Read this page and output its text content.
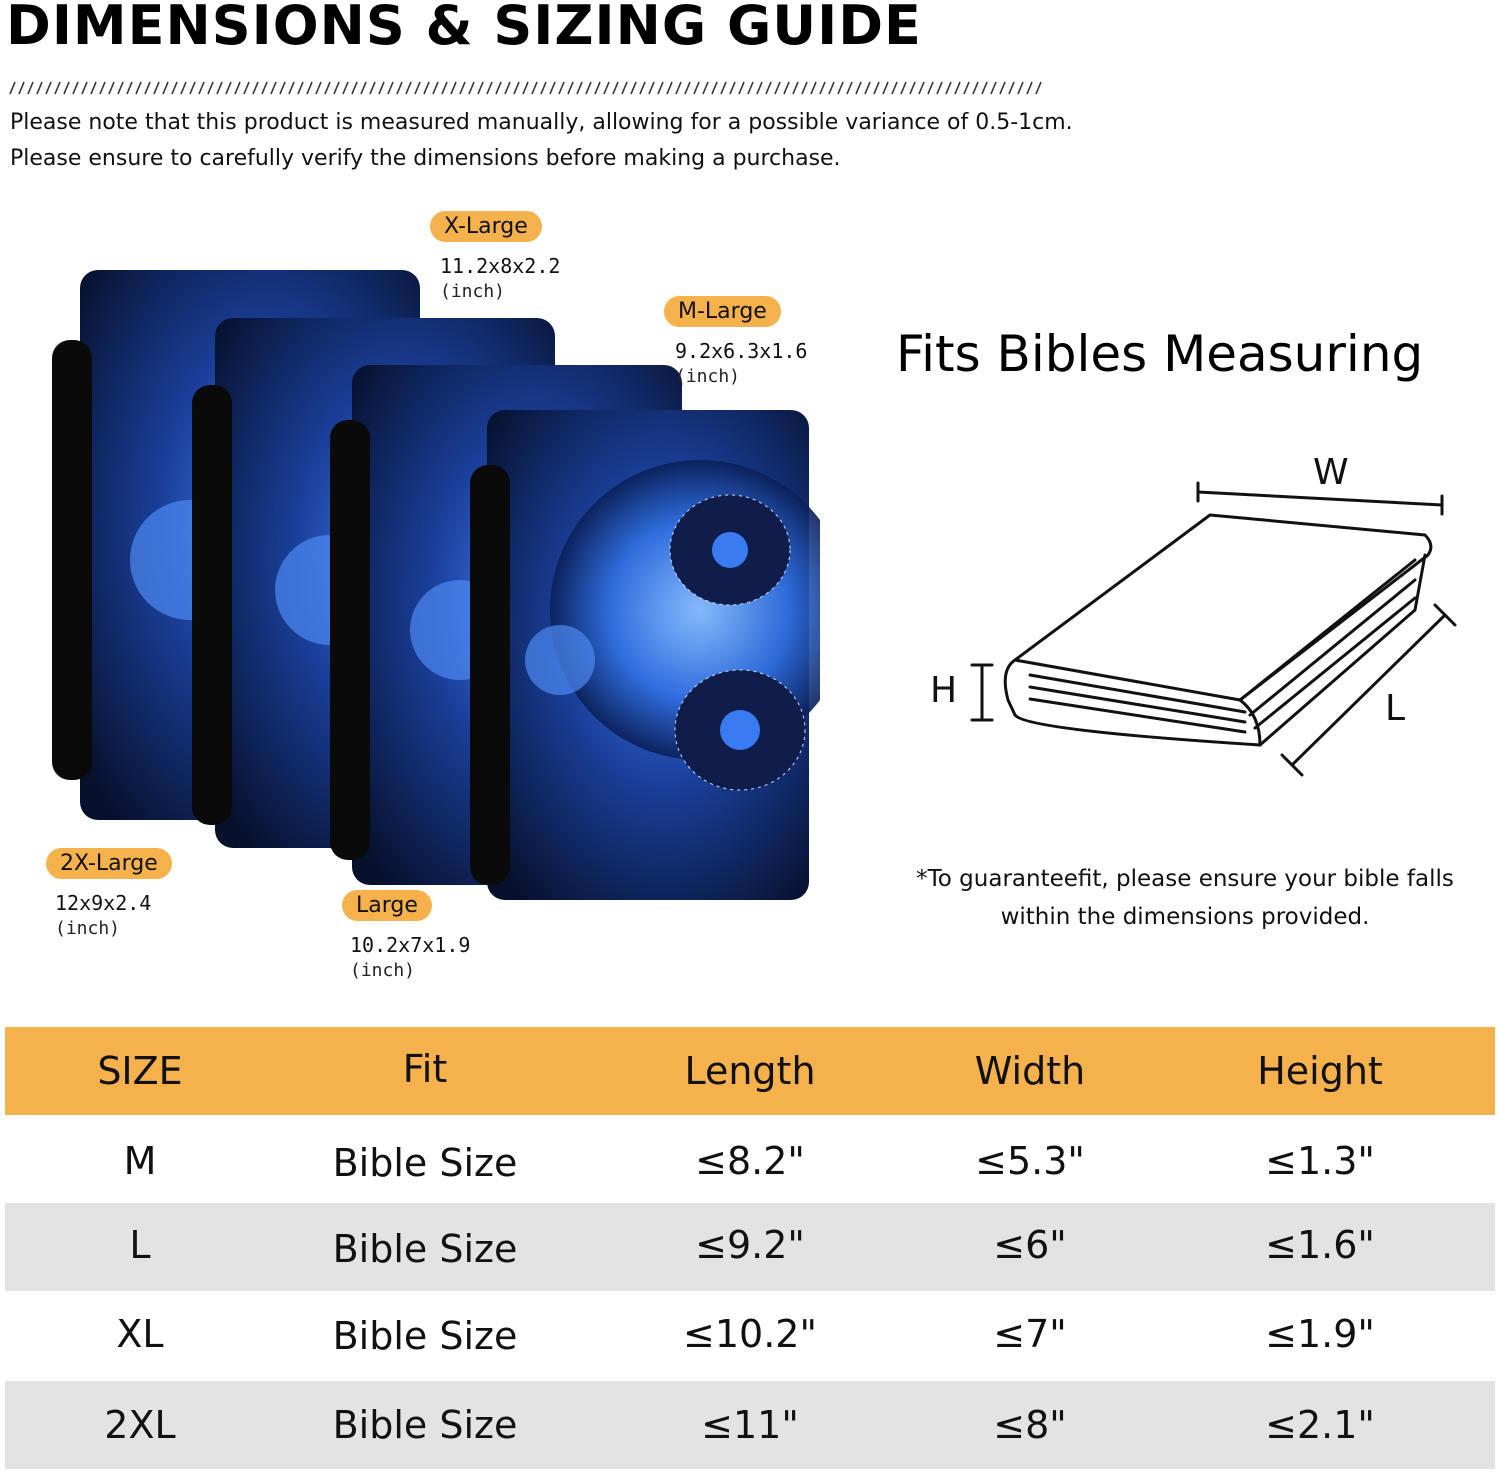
DIMENSIONS & SIZING GUIDE
Please note that this product is measured manually, allowing for a possible variance of 0.5-1cm.
Please ensure to carefully verify the dimensions before making a purchase.
X-Large
11.2x8x2.2
(inch)
M-Large
9.2x6.3x1.6
(inch)
2X-Large
12x9x2.4
(inch)
Large
10.2x7x1.9
(inch)
Fits Bibles Measuring
W
H	L
*To guaranteefit, please ensure your bible falls
within the dimensions provided.
SIZE	Fit	Length	Width	Height
M	Bible Size	≤8.2"	≤5.3"	≤1.3"
L	Bible Size	≤9.2"	≤6"	≤1.6"
XL	Bible Size	≤10.2"	≤7"	≤1.9"
2XL	Bible Size	≤11"	≤8"	≤2.1"
